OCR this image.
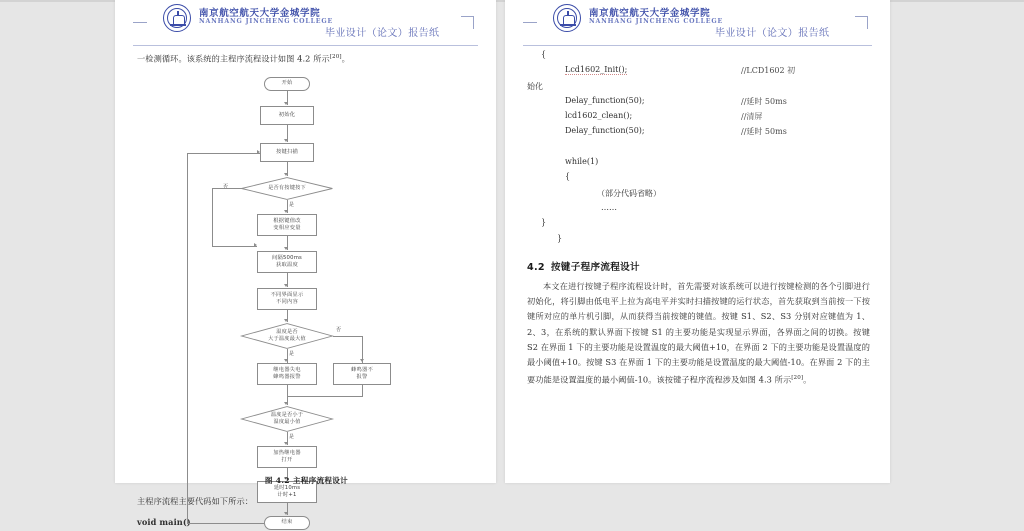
南京航空航天大学金城学院
NANHANG JINCHENG COLLEGE
毕业设计（论文）报告纸
一检测循环。该系统的主程序流程设计如图 4.2 所示[20]。
开始
初始化
按键扫描
是否有按键按下
否
是
根据键值改
变相应变量
间隔500ms
获取温度
不同界面显示
不同内容
温度是否
大于温度最大值
否
是
继电器失电
蜂鸣器报警
蜂鸣器不
报警
温度是否小于
温度最小值
是
加热继电器
打开
延时10ms
计时+1
结束
图 4.2 主程序流程设计
主程序流程主要代码如下所示：
void main()
南京航空航天大学金城学院
NANHANG JINCHENG COLLEGE
毕业设计（论文）报告纸
{
Lcd1602_Init();	//LCD1602 初
始化
Delay_function(50);	//延时 50ms
lcd1602_clean();	//清屏
Delay_function(50);	//延时 50ms
while(1)
{
（部分代码省略）
……
}
}
4.2 按键子程序流程设计
本文在进行按键子程序流程设计时，首先需要对该系统可以进行按键检测的各个引脚进行初始化，将引脚由低电平上拉为高电平并实时扫描按键的运行状态，首先获取到当前按一下按键所对应的单片机引脚，从而获得当前按键的键值。按键 S1、S2、S3 分别对应键值为 1、2、3，在系统的默认界面下按键 S1 的主要功能是实现显示界面，各界面之间的切换。按键 S2 在界面 1 下的主要功能是设置温度的最大阈值+10，在界面 2 下的主要功能是设置温度的最小阈值+10。按键 S3 在界面 1 下的主要功能是设置温度的最大阈值-10。在界面 2 下的主要功能是设置温度的最小阈值-10。该按键子程序流程涉及如图 4.3 所示[20]。
